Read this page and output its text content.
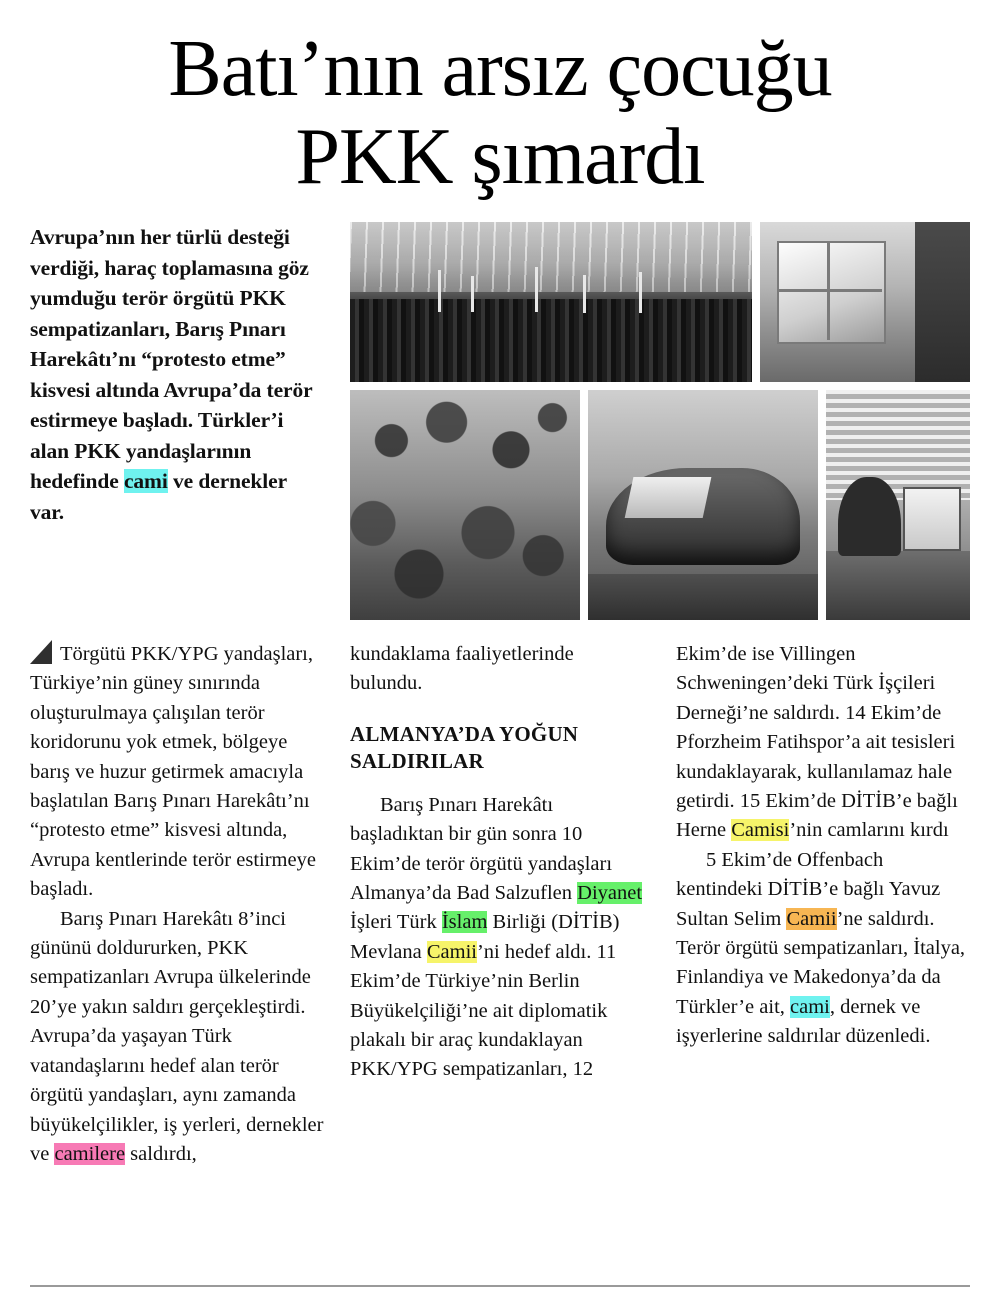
Batı’nın arsız çocuğu
PKK şımardı
Avrupa’nın her türlü desteği verdiği, haraç toplamasına göz yumduğu terör örgütü PKK sempatizanları, Barış Pınarı Harekâtı’nı “protesto etme” kisvesi altında Avrupa’da terör estirmeye başladı. Türkler’i alan PKK yandaşlarının hedefinde cami ve dernekler var.

Törgütü PKK/YPG yandaşları, Türkiye’nin güney sınırında oluşturulmaya çalışılan terör koridorunu yok etmek, bölgeye barış ve huzur getirmek amacıyla başlatılan Barış Pınarı Harekâtı’nı “protesto etme” kisvesi altında, Avrupa kentlerinde terör estirmeye başladı.

Barış Pınarı Harekâtı 8’inci gününü doldururken, PKK sempatizanları Avrupa ülkelerinde 20’ye yakın saldırı gerçekleştirdi. Avrupa’da yaşayan Türk vatandaşlarını hedef alan terör örgütü yandaşları, aynı zamanda büyükelçilikler, iş yerleri, dernekler ve camilere saldırdı,

kundaklama faaliyetlerinde bulundu.

ALMANYA’DA YOĞUN
SALDIRILAR

Barış Pınarı Harekâtı başladıktan bir gün sonra 10 Ekim’de terör örgütü yandaşları Almanya’da Bad Salzuflen Diyanet İşleri Türk İslam Birliği (DİTİB) Mevlana Camii’ni hedef aldı. 11 Ekim’de Türkiye’nin Berlin Büyükelçiliği’ne ait diplomatik plakalı bir araç kundaklayan PKK/YPG sempatizanları, 12

Ekim’de ise Villingen Schweningen’deki Türk İşçileri Derneği’ne saldırdı. 14 Ekim’de Pforzheim Fatihspor’a ait tesisleri kundaklayarak, kullanılamaz hale getirdi. 15 Ekim’de DİTİB’e bağlı Herne Camisi’nin camlarını kırdı

5 Ekim’de Offenbach kentindeki DİTİB’e bağlı Yavuz Sultan Selim Camii’ne saldırdı. Terör örgütü sempatizanları, İtalya, Finlandiya ve Makedonya’da da Türkler’e ait, cami, dernek ve işyerlerine saldırılar düzenledi.
